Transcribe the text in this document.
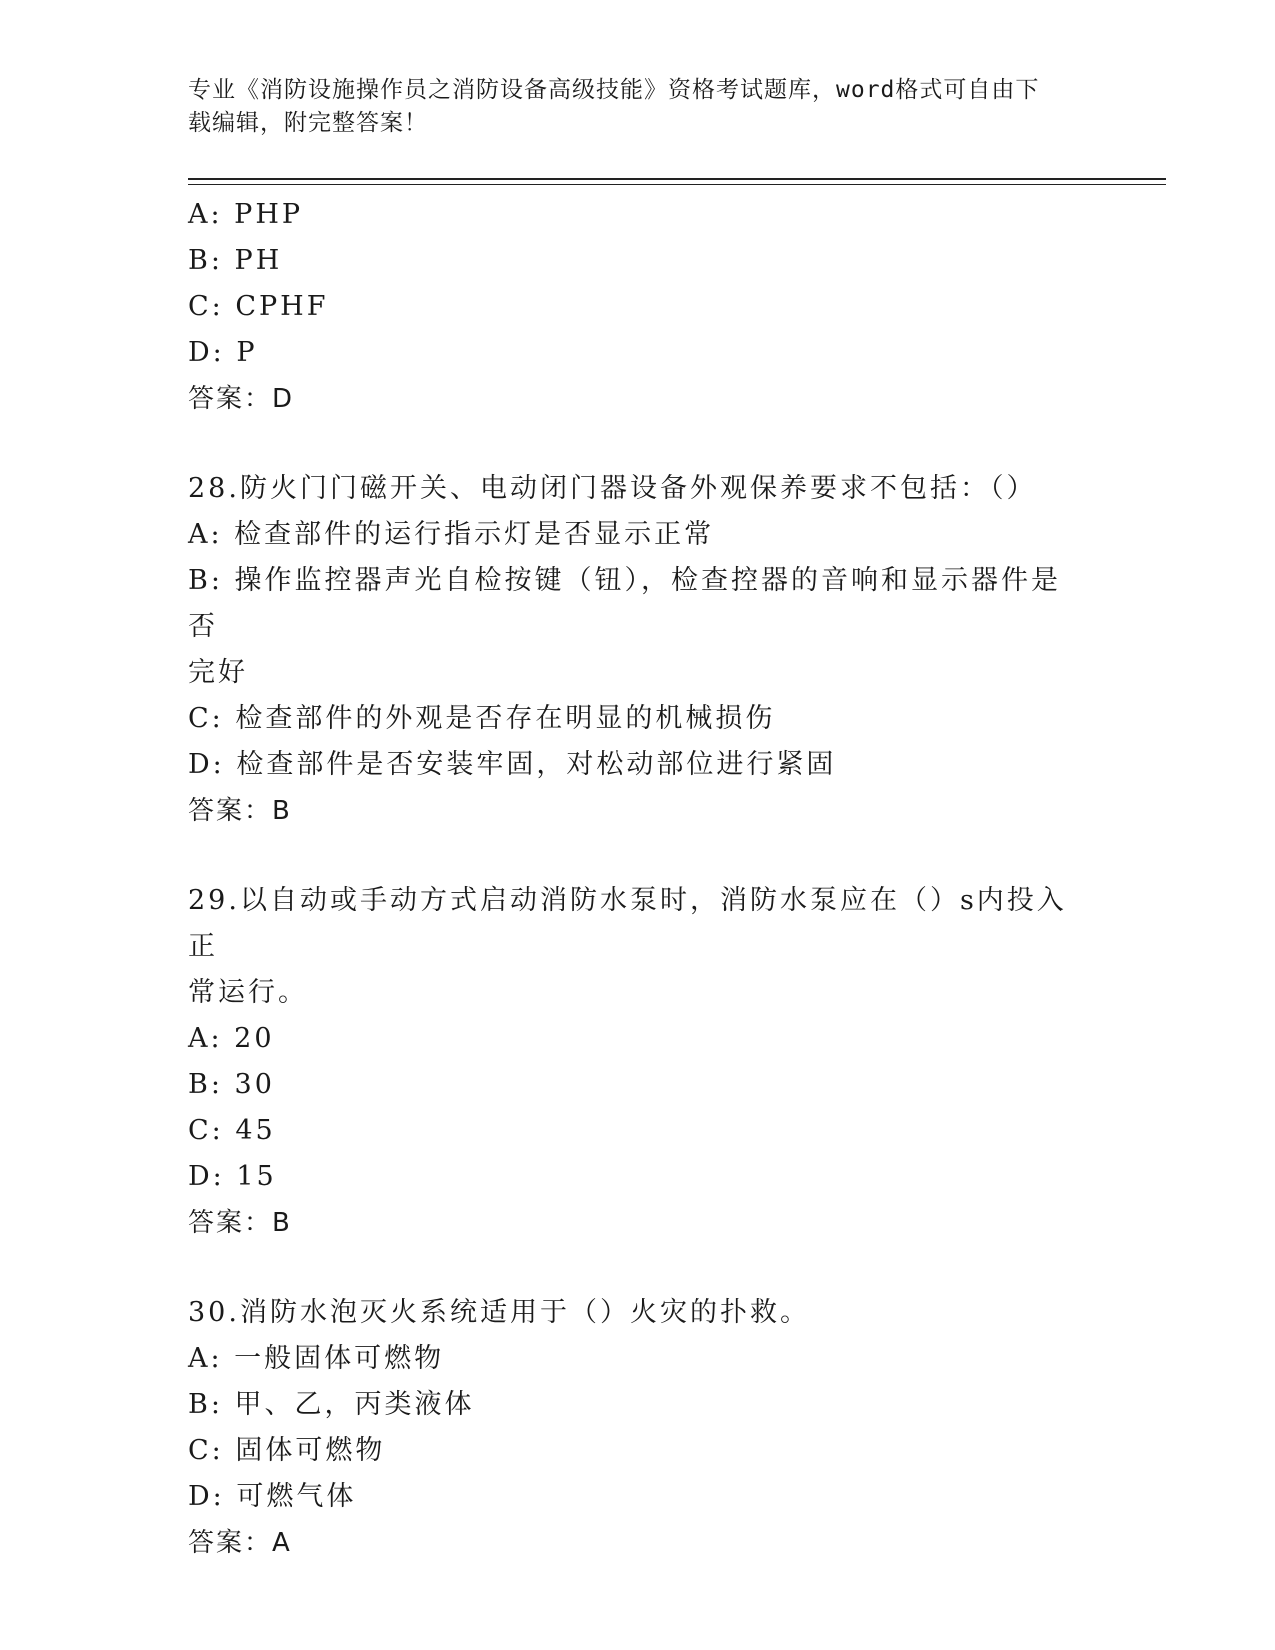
专业《消防设施操作员之消防设备高级技能》资格考试题库，word格式可自由下
载编辑，附完整答案！
A: PHP
B: PH
C: CPHF
D: P
答案：D
28.防火门门磁开关、电动闭门器设备外观保养要求不包括：（）
A: 检查部件的运行指示灯是否显示正常
B: 操作监控器声光自检按键（钮），检查控器的音响和显示器件是否
完好
C: 检查部件的外观是否存在明显的机械损伤
D: 检查部件是否安装牢固，对松动部位进行紧固
答案：B
29.以自动或手动方式启动消防水泵时，消防水泵应在（）s内投入正
常运行。
A: 20
B: 30
C: 45
D: 15
答案：B
30.消防水泡灭火系统适用于（）火灾的扑救。
A: 一般固体可燃物
B: 甲、乙，丙类液体
C: 固体可燃物
D: 可燃气体
答案：A
